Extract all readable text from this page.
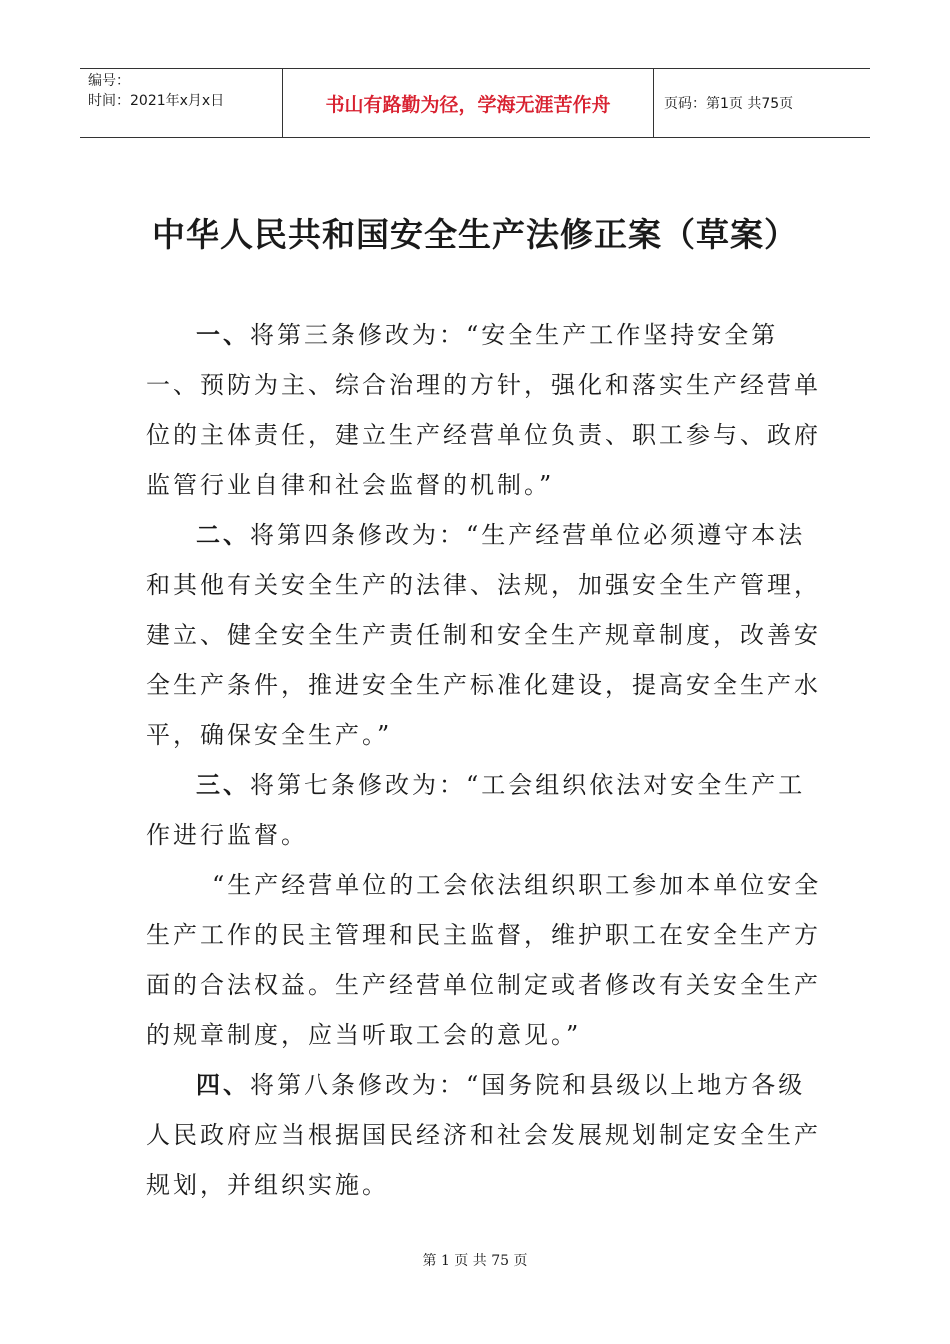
编号：
时间：2021年x月x日	书山有路勤为径，学海无涯苦作舟	页码：第1页 共75页
中华人民共和国安全生产法修正案（草案）

一、将第三条修改为：“安全生产工作坚持安全第一、预防为主、综合治理的方针，强化和落实生产经营单位的主体责任，建立生产经营单位负责、职工参与、政府监管行业自律和社会监督的机制。”

二、将第四条修改为：“生产经营单位必须遵守本法和其他有关安全生产的法律、法规，加强安全生产管理，建立、健全安全生产责任制和安全生产规章制度，改善安全生产条件，推进安全生产标准化建设，提高安全生产水平，确保安全生产。”

三、将第七条修改为：“工会组织依法对安全生产工作进行监督。

“生产经营单位的工会依法组织职工参加本单位安全生产工作的民主管理和民主监督，维护职工在安全生产方面的合法权益。生产经营单位制定或者修改有关安全生产的规章制度，应当听取工会的意见。”

四、将第八条修改为：“国务院和县级以上地方各级人民政府应当根据国民经济和社会发展规划制定安全生产规划，并组织实施。

第 1 页 共 75 页
